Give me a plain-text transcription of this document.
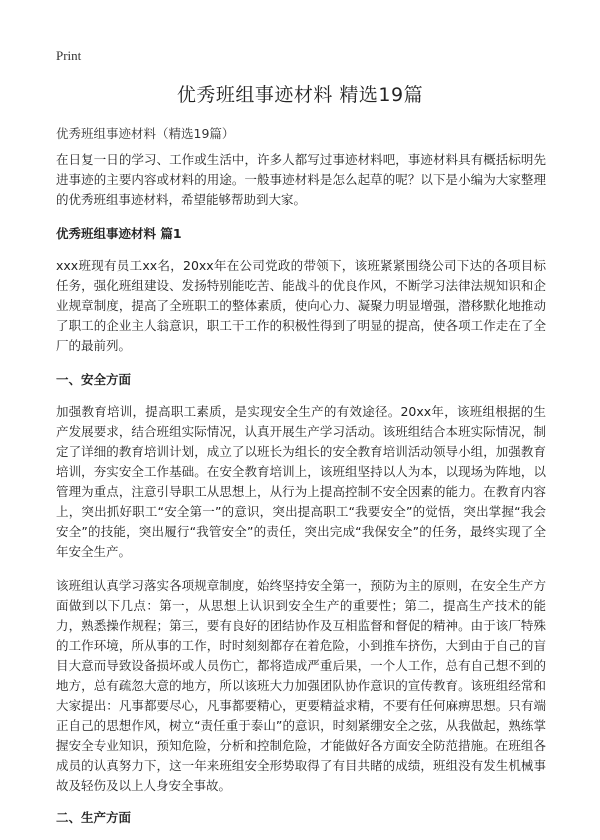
Print
优秀班组事迹材料 精选19篇
优秀班组事迹材料（精选19篇）

在日复一日的学习、工作或生活中，许多人都写过事迹材料吧，事迹材料具有概括标明先进事迹的主要内容或材料的用途。一般事迹材料是怎么起草的呢？以下是小编为大家整理的优秀班组事迹材料，希望能够帮助到大家。

优秀班组事迹材料 篇1

xxx班现有员工xx名，20xx年在公司党政的带领下，该班紧紧围绕公司下达的各项目标任务，强化班组建设、发扬特别能吃苦、能战斗的优良作风，不断学习法律法规知识和企业规章制度，提高了全班职工的整体素质，使向心力、凝聚力明显增强，潜移默化地推动了职工的企业主人翁意识，职工干工作的积极性得到了明显的提高，使各项工作走在了全厂的最前列。

一、安全方面

加强教育培训，提高职工素质，是实现安全生产的有效途径。20xx年，该班组根据的生产发展要求，结合班组实际情况，认真开展生产学习活动。该班组结合本班实际情况，制定了详细的教育培训计划，成立了以班长为组长的安全教育培训活动领导小组，加强教育培训，夯实安全工作基础。在安全教育培训上，该班组坚持以人为本，以现场为阵地，以管理为重点，注意引导职工从思想上，从行为上提高控制不安全因素的能力。在教育内容上，突出抓好职工“安全第一”的意识，突出提高职工“我要安全”的觉悟，突出掌握“我会安全”的技能，突出履行“我管安全”的责任，突出完成“我保安全”的任务，最终实现了全年安全生产。

该班组认真学习落实各项规章制度，始终坚持安全第一，预防为主的原则，在安全生产方面做到以下几点：第一，从思想上认识到安全生产的重要性；第二，提高生产技术的能力，熟悉操作规程；第三，要有良好的团结协作及互相监督和督促的精神。由于该厂特殊的工作环境，所从事的工作，时时刻刻都存在着危险，小到推车挤伤，大到由于自己的盲目大意而导致设备损坏或人员伤亡，都将造成严重后果，一个人工作，总有自己想不到的地方，总有疏忽大意的地方，所以该班大力加强团队协作意识的宣传教育。该班组经常和大家提出：凡事都要尽心，凡事都要精心，更要精益求精，不要有任何麻痹思想。只有端正自己的思想作风，树立“责任重于泰山”的意识，时刻紧绷安全之弦，从我做起，熟练掌握安全专业知识，预知危险，分析和控制危险，才能做好各方面安全防范措施。在班组各成员的认真努力下，这一年来班组安全形势取得了有目共睹的成绩，班组没有发生机械事故及轻伤及以上人身安全事故。

二、生产方面
